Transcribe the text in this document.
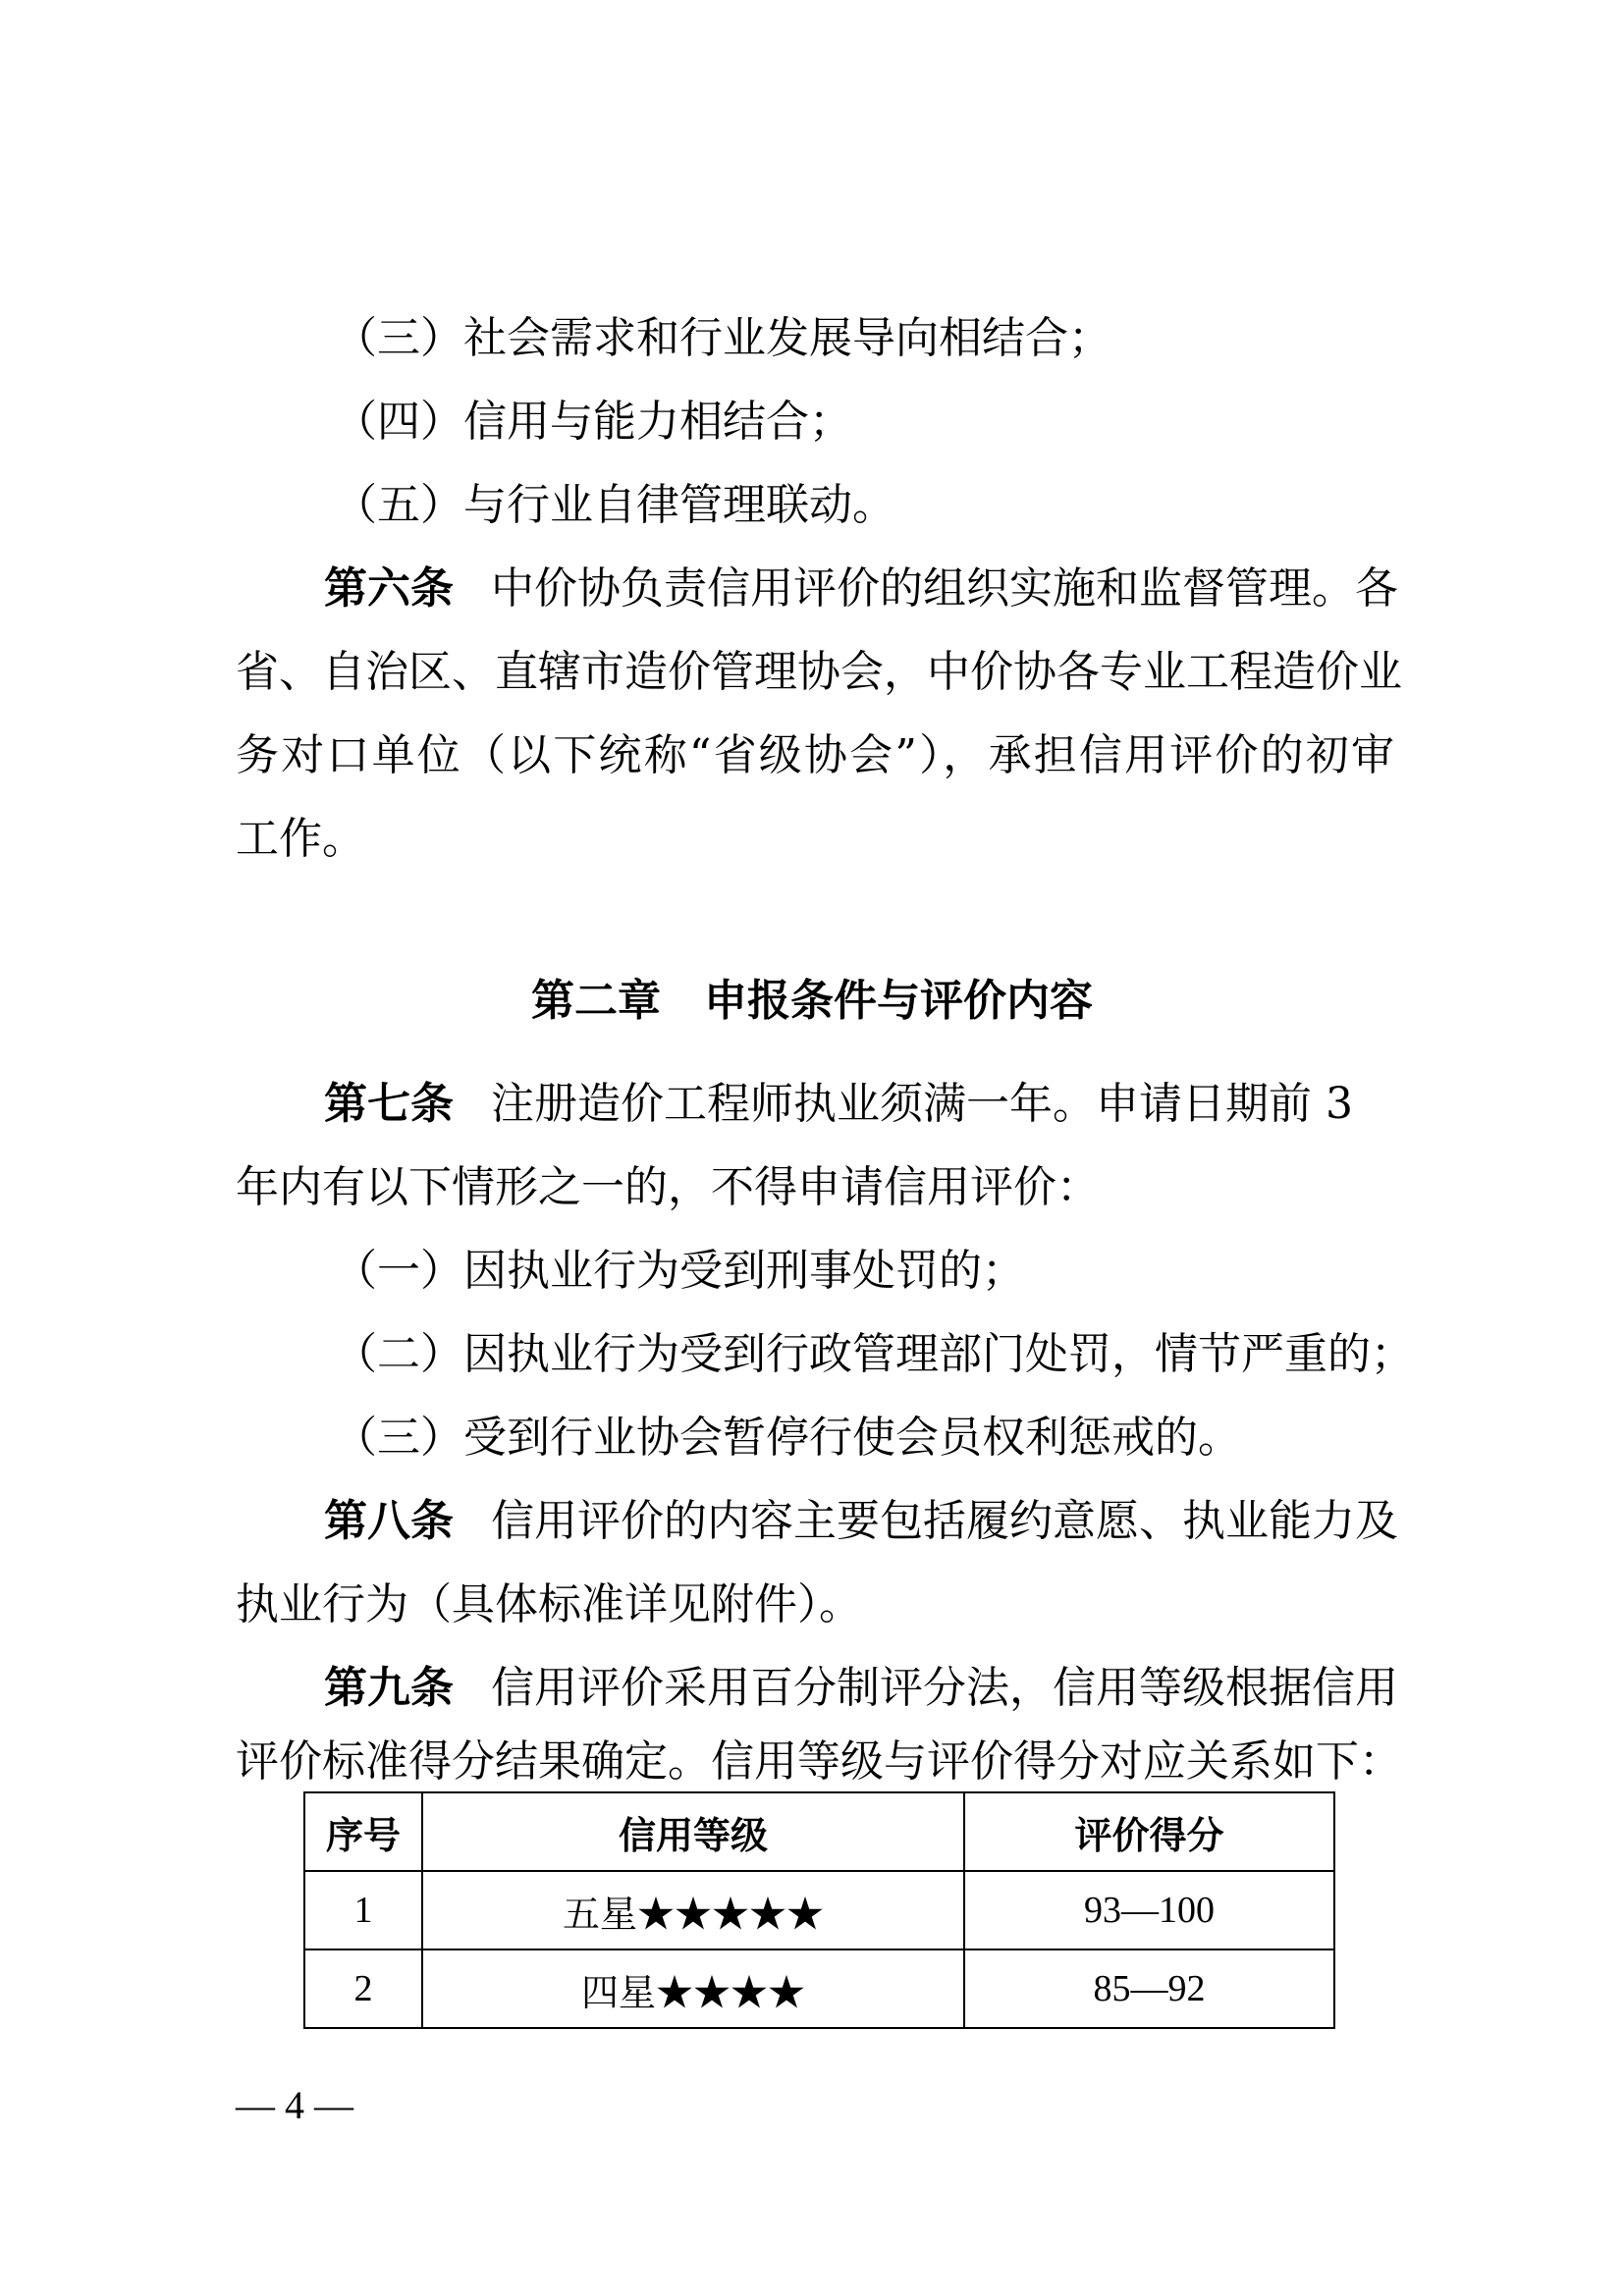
（三）社会需求和行业发展导向相结合；
（四）信用与能力相结合；
（五）与行业自律管理联动。
第六条 中价协负责信用评价的组织实施和监督管理。各
省、自治区、直辖市造价管理协会，中价协各专业工程造价业
务对口单位（以下统称“省级协会”），承担信用评价的初审
工作。
第二章 申报条件与评价内容
第七条 注册造价工程师执业须满一年。申请日期前 3
年内有以下情形之一的，不得申请信用评价：
（一）因执业行为受到刑事处罚的；
（二）因执业行为受到行政管理部门处罚，情节严重的；
（三）受到行业协会暂停行使会员权利惩戒的。
第八条 信用评价的内容主要包括履约意愿、执业能力及
执业行为（具体标准详见附件）。
第九条 信用评价采用百分制评分法，信用等级根据信用
评价标准得分结果确定。信用等级与评价得分对应关系如下：
序号	信用等级	评价得分
1	五星★★★★★	93—100
2	四星★★★★	85—92
— 4 —
